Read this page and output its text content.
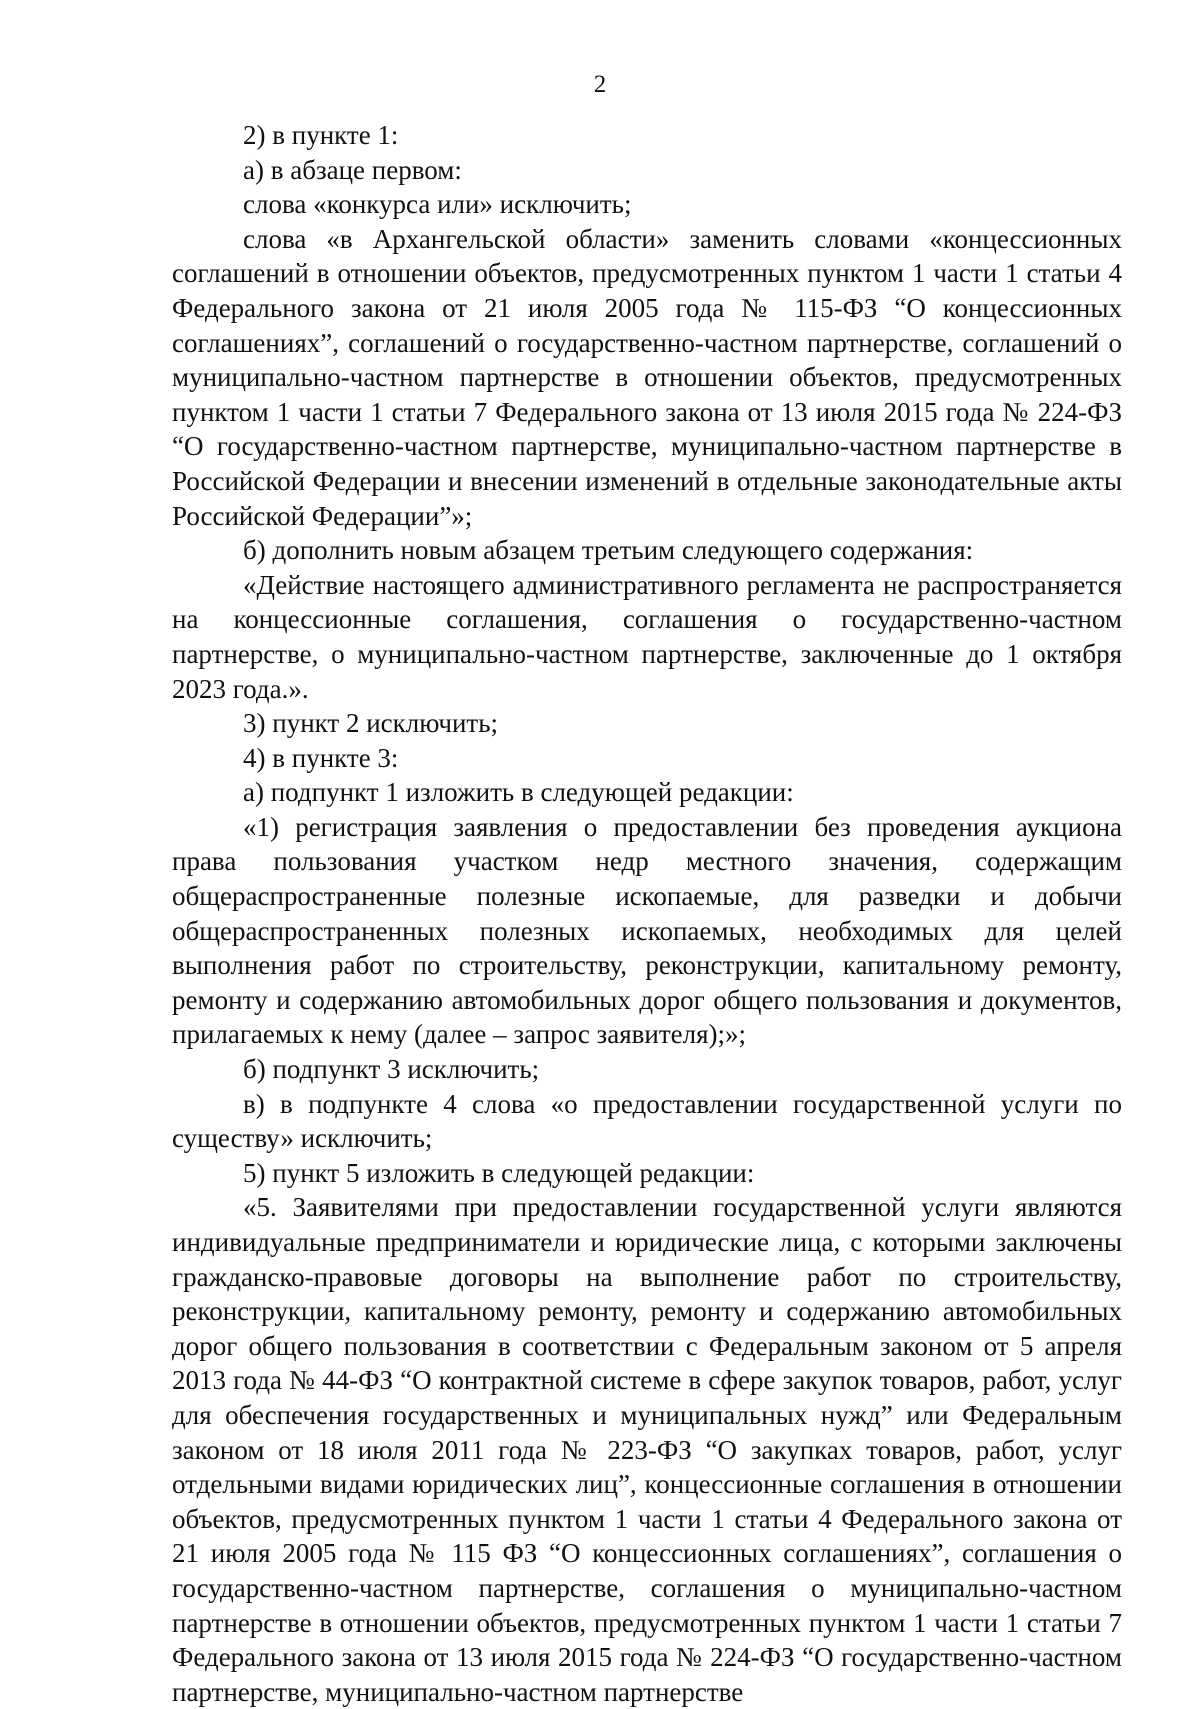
2

2) в пункте 1:

а) в абзаце первом:

слова «конкурса или» исключить;

слова «в Архангельской области» заменить словами «концессионных соглашений в отношении объектов, предусмотренных пунктом 1 части 1 статьи 4 Федерального закона от 21 июля 2005 года № 115-ФЗ “О концессионных соглашениях”, соглашений о государственно-частном партнерстве, соглашений о муниципально-частном партнерстве в отношении объектов, предусмотренных пунктом 1 части 1 статьи 7 Федерального закона от 13 июля 2015 года № 224-ФЗ “О государственно-частном партнерстве, муниципально-частном партнерстве в Российской Федерации и внесении изменений в отдельные законодательные акты Российской Федерации”»;

б) дополнить новым абзацем третьим следующего содержания:

«Действие настоящего административного регламента не распространяется на концессионные соглашения, соглашения о государственно-частном партнерстве, о муниципально-частном партнерстве, заключенные до 1 октября 2023 года.».

3) пункт 2 исключить;

4) в пункте 3:

а) подпункт 1 изложить в следующей редакции:

«1) регистрация заявления о предоставлении без проведения аукциона права пользования участком недр местного значения, содержащим общераспространенные полезные ископаемые, для разведки и добычи общераспространенных полезных ископаемых, необходимых для целей выполнения работ по строительству, реконструкции, капитальному ремонту, ремонту и содержанию автомобильных дорог общего пользования и документов, прилагаемых к нему (далее – запрос заявителя);»;

б) подпункт 3 исключить;

в) в подпункте 4 слова «о предоставлении государственной услуги по существу» исключить;

5) пункт 5 изложить в следующей редакции:

«5. Заявителями при предоставлении государственной услуги являются индивидуальные предприниматели и юридические лица, с которыми заключены гражданско-правовые договоры на выполнение работ по строительству, реконструкции, капитальному ремонту, ремонту и содержанию автомобильных дорог общего пользования в соответствии с Федеральным законом от 5 апреля 2013 года № 44-ФЗ “О контрактной системе в сфере закупок товаров, работ, услуг для обеспечения государственных и муниципальных нужд” или Федеральным законом от 18 июля 2011 года № 223-ФЗ “О закупках товаров, работ, услуг отдельными видами юридических лиц”, концессионные соглашения в отношении объектов, предусмотренных пунктом 1 части 1 статьи 4 Федерального закона от 21 июля 2005 года № 115 ФЗ “О концессионных соглашениях”, соглашения о государственно-частном партнерстве, соглашения о муниципально-частном партнерстве в отношении объектов, предусмотренных пунктом 1 части 1 статьи 7 Федерального закона от 13 июля 2015 года № 224-ФЗ “О государственно-частном партнерстве, муниципально-частном партнерстве
